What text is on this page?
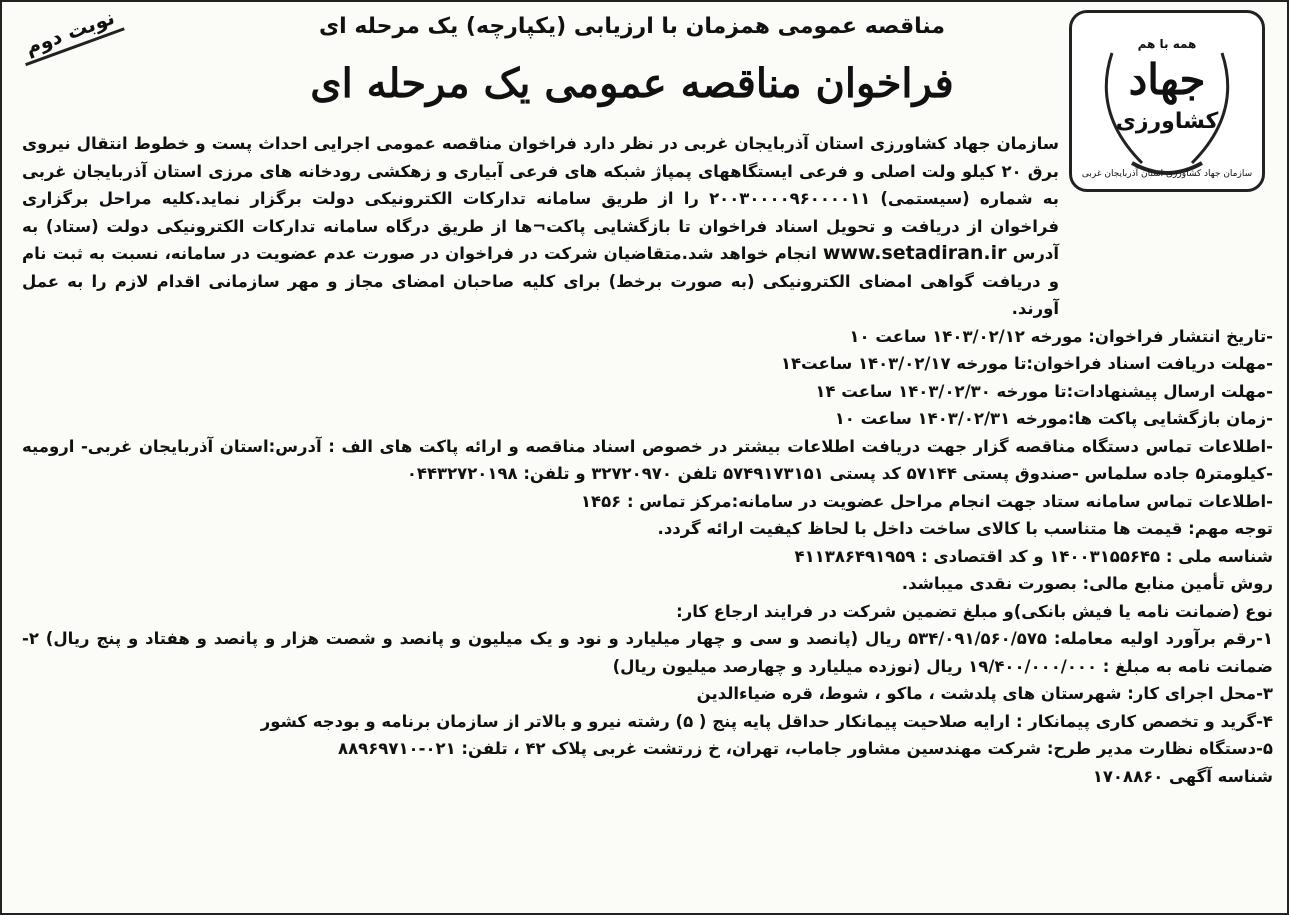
نوبت دوم	مناقصه عمومی همزمان با ارزیابی (یکپارچه) یک مرحله ای
فراخوان مناقصه عمومی یک مرحله ای
همه با هم
جهاد
کشاورزی
سازمان جهاد کشاورزی استان آذربایجان غربی

سازمان جهاد کشاورزی استان آذربایجان غربی در نظر دارد فراخوان مناقصه عمومی اجرایی احداث پست و خطوط انتقال نیروی برق ۲۰ کیلو ولت اصلی و فرعی ایستگاههای پمپاژ شبکه های فرعی آبیاری و زهکشی رودخانه های مرزی استان آذربایجان غربی به شماره (سیستمی) ۲۰۰۳۰۰۰۰۹۶۰۰۰۰۱۱ را از طریق سامانه تدارکات الکترونیکی دولت برگزار نماید.کلیه مراحل برگزاری فراخوان از دریافت و تحویل اسناد فراخوان تا بازگشایی پاکت¬ها از طریق درگاه سامانه تدارکات الکترونیکی دولت (ستاد) به آدرس www.setadiran.ir انجام خواهد شد.متقاضیان شرکت در فراخوان در صورت عدم عضویت در سامانه، نسبت به ثبت نام و دریافت گواهی امضای الکترونیکی (به صورت برخط) برای کلیه صاحبان امضای مجاز و مهر سازمانی اقدام لازم را به عمل آورند.

-تاریخ انتشار فراخوان: مورخه ۱۴۰۳/۰۲/۱۲ ساعت ۱۰

-مهلت دریافت اسناد فراخوان:تا مورخه ۱۴۰۳/۰۲/۱۷ ساعت۱۴

-مهلت ارسال پیشنهادات:تا مورخه ۱۴۰۳/۰۲/۳۰ ساعت ۱۴

-زمان بازگشایی پاکت ها:مورخه ۱۴۰۳/۰۲/۳۱ ساعت ۱۰

-اطلاعات تماس دستگاه مناقصه گزار جهت دریافت اطلاعات بیشتر در خصوص اسناد مناقصه و ارائه پاکت های الف : آدرس:استان آذربایجان غربی- ارومیه -کیلومتر۵ جاده سلماس -صندوق پستی ۵۷۱۴۴ کد پستی ۵۷۴۹۱۷۳۱۵۱ تلفن ۳۲۷۲۰۹۷۰ و تلفن: ۰۴۴۳۲۷۲۰۱۹۸

-اطلاعات تماس سامانه ستاد جهت انجام مراحل عضویت در سامانه:مرکز تماس : ۱۴۵۶

توجه مهم: قیمت ها متناسب با کالای ساخت داخل با لحاظ کیفیت ارائه گردد.

شناسه ملی : ۱۴۰۰۳۱۵۵۶۴۵ و کد اقتصادی : ۴۱۱۳۸۶۴۹۱۹۵۹

روش تأمین منابع مالی: بصورت نقدی میباشد.

نوع (ضمانت نامه یا فیش بانکی)و مبلغ تضمین شرکت در فرایند ارجاع کار:

۱-رقم برآورد اولیه معامله: ۵۳۴/۰۹۱/۵۶۰/۵۷۵ ریال (پانصد و سی و چهار میلیارد و نود و یک میلیون و پانصد و شصت هزار و پانصد و هفتاد و پنج ریال) ۲-ضمانت نامه به مبلغ : ۱۹/۴۰۰/۰۰۰/۰۰۰ ریال (نوزده میلیارد و چهارصد میلیون ریال)

۳-محل اجرای کار: شهرستان های پلدشت ، ماکو ، شوط، قره ضیاءالدین

۴-گرید و تخصص کاری پیمانکار : ارایه صلاحیت پیمانکار حداقل پایه پنج ( ۵) رشته نیرو و بالاتر از سازمان برنامه و بودجه کشور

۵-دستگاه نظارت مدیر طرح: شرکت مهندسین مشاور جاماب، تهران، خ زرتشت غربی پلاک ۴۲ ، تلفن: ۰۲۱-۸۸۹۶۹۷۱۰

شناسه آگهی ۱۷۰۸۸۶۰
